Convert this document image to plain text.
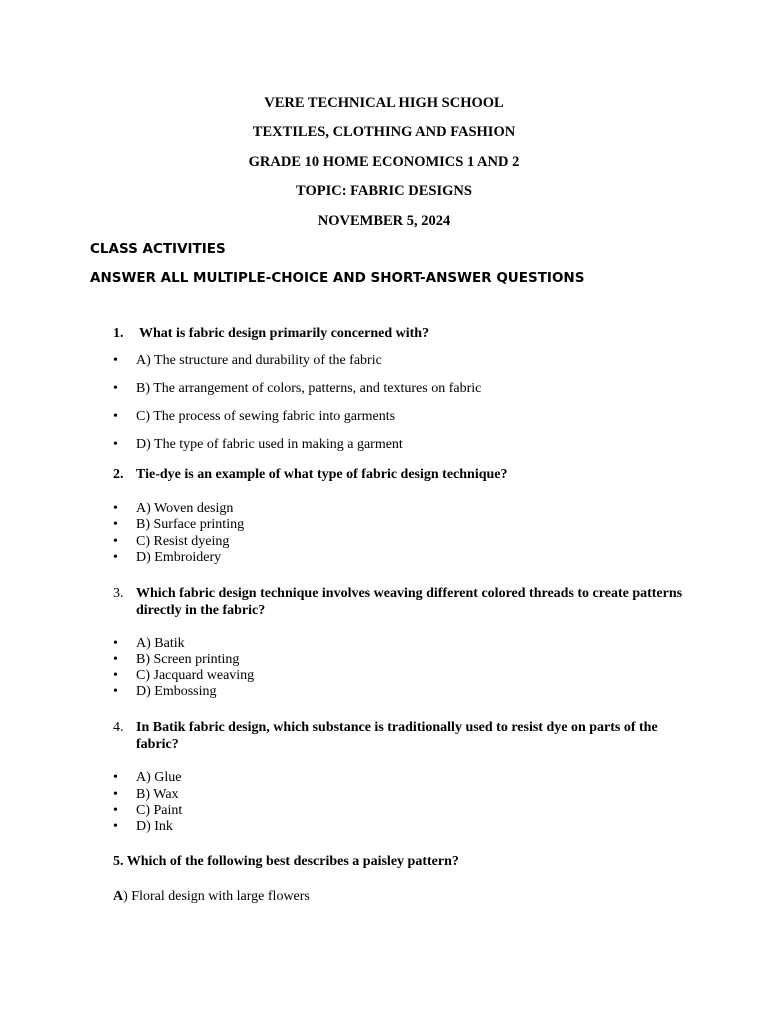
VERE TECHNICAL HIGH SCHOOL
TEXTILES, CLOTHING AND FASHION
GRADE 10 HOME ECONOMICS 1 AND 2
TOPIC: FABRIC DESIGNS
NOVEMBER 5, 2024
CLASS ACTIVITIES
ANSWER ALL MULTIPLE-CHOICE AND SHORT-ANSWER QUESTIONS
1. What is fabric design primarily concerned with?
• A) The structure and durability of the fabric
• B) The arrangement of colors, patterns, and textures on fabric
• C) The process of sewing fabric into garments
• D) The type of fabric used in making a garment
2. Tie-dye is an example of what type of fabric design technique?
• A) Woven design
• B) Surface printing
• C) Resist dyeing
• D) Embroidery
3. Which fabric design technique involves weaving different colored threads to create patterns directly in the fabric?
• A) Batik
• B) Screen printing
• C) Jacquard weaving
• D) Embossing
4. In Batik fabric design, which substance is traditionally used to resist dye on parts of the fabric?
• A) Glue
• B) Wax
• C) Paint
• D) Ink
5. Which of the following best describes a paisley pattern?
A) Floral design with large flowers
